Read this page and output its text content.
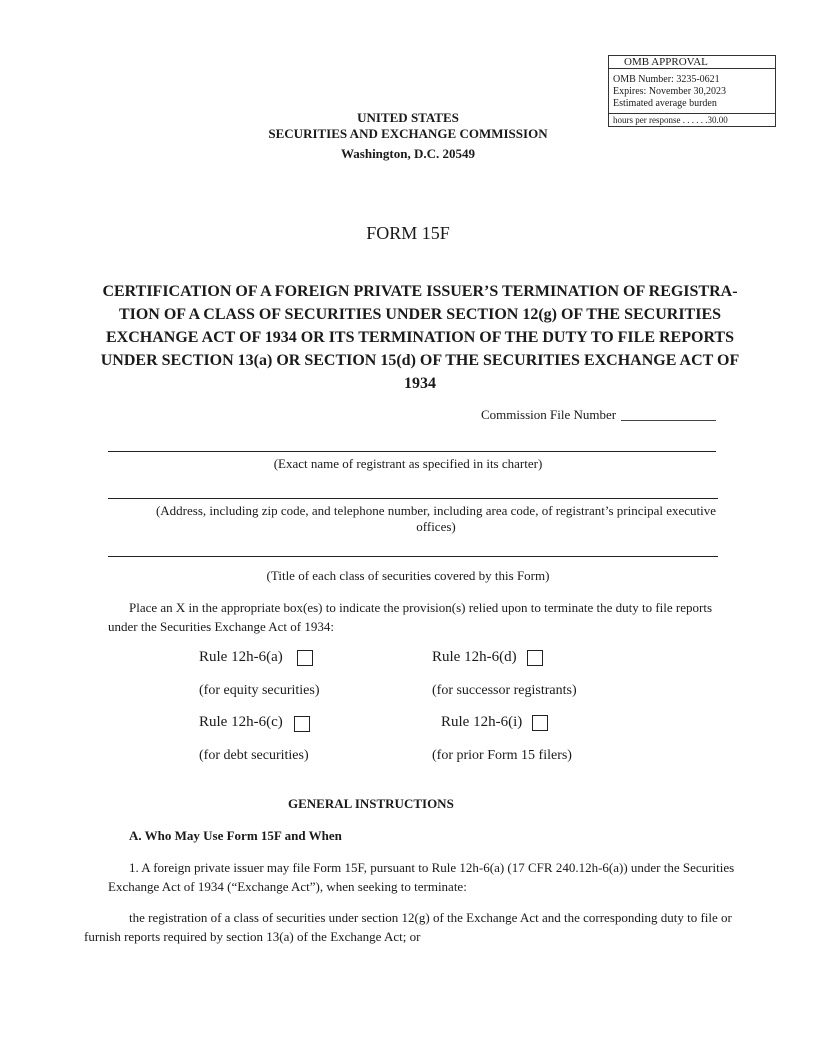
OMB APPROVAL
OMB Number: 3235-0621
Expires: November 30,2023
Estimated average burden
hours per response . . . . . .30.00
UNITED STATES
SECURITIES AND EXCHANGE COMMISSION
Washington, D.C. 20549
FORM 15F
CERTIFICATION OF A FOREIGN PRIVATE ISSUER’S TERMINATION OF REGISTRA- TION OF A CLASS OF SECURITIES UNDER SECTION 12(g) OF THE SECURITIES EXCHANGE ACT OF 1934 OR ITS TERMINATION OF THE DUTY TO FILE REPORTS UNDER SECTION 13(a) OR SECTION 15(d) OF THE SECURITIES EXCHANGE ACT OF 1934
Commission File Number
(Exact name of registrant as specified in its charter)
(Address, including zip code, and telephone number, including area code, of registrant’s principal executive offices)
(Title of each class of securities covered by this Form)
Place an X in the appropriate box(es) to indicate the provision(s) relied upon to terminate the duty to file reports under the Securities Exchange Act of 1934:
Rule 12h-6(a)
(for equity securities)
Rule 12h-6(d)
(for successor registrants)
Rule 12h-6(c)
(for debt securities)
Rule 12h-6(i)
(for prior Form 15 filers)
GENERAL INSTRUCTIONS
A. Who May Use Form 15F and When
1. A foreign private issuer may file Form 15F, pursuant to Rule 12h-6(a) (17 CFR 240.12h-6(a)) under the Securities Exchange Act of 1934 (“Exchange Act”), when seeking to terminate:
the registration of a class of securities under section 12(g) of the Exchange Act and the corresponding duty to file or furnish reports required by section 13(a) of the Exchange Act; or
